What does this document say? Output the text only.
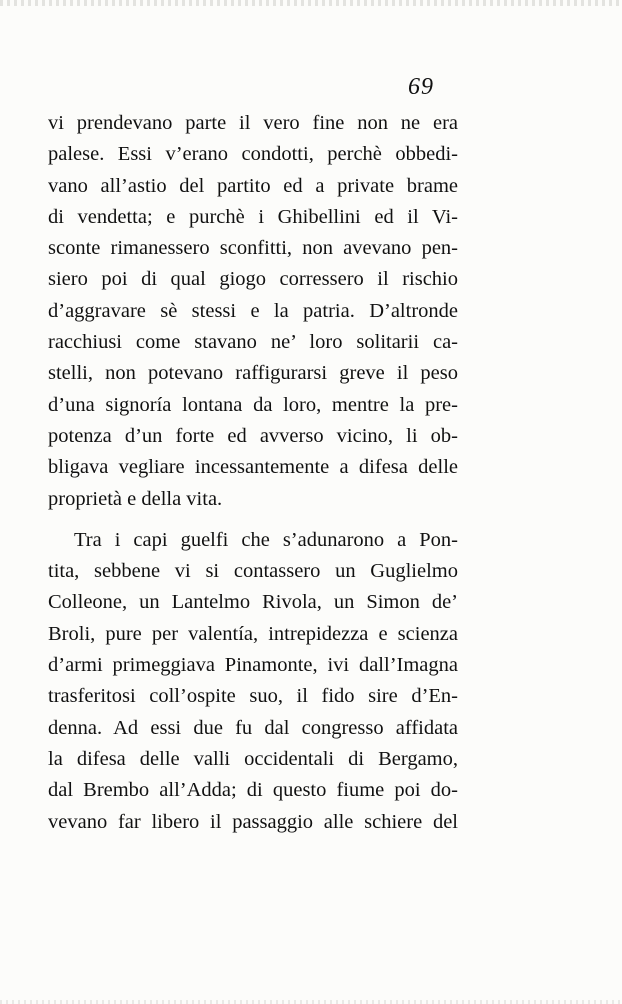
69
vi prendevano parte il vero fine non ne era
palese. Essi v’erano condotti, perchè obbedi-
vano all’astio del partito ed a private brame
di vendetta; e purchè i Ghibellini ed il Vi-
sconte rimanessero sconfitti, non avevano pen-
siero poi di qual giogo corressero il rischio
d’aggravare sè stessi e la patria. D’altronde
racchiusi come stavano ne’ loro solitarii ca-
stelli, non potevano raffigurarsi greve il peso
d’una signoría lontana da loro, mentre la pre-
potenza d’un forte ed avverso vicino, li ob-
bligava vegliare incessantemente a difesa delle
proprietà e della vita.
Tra i capi guelfi che s’adunarono a Pon-
tita, sebbene vi si contassero un Guglielmo
Colleone, un Lantelmo Rivola, un Simon de’
Broli, pure per valentía, intrepidezza e scienza
d’armi primeggiava Pinamonte, ivi dall’Imagna
trasferitosi coll’ospite suo, il fido sire d’En-
denna. Ad essi due fu dal congresso affidata
la difesa delle valli occidentali di Bergamo,
dal Brembo all’Adda; di questo fiume poi do-
vevano far libero il passaggio alle schiere del
